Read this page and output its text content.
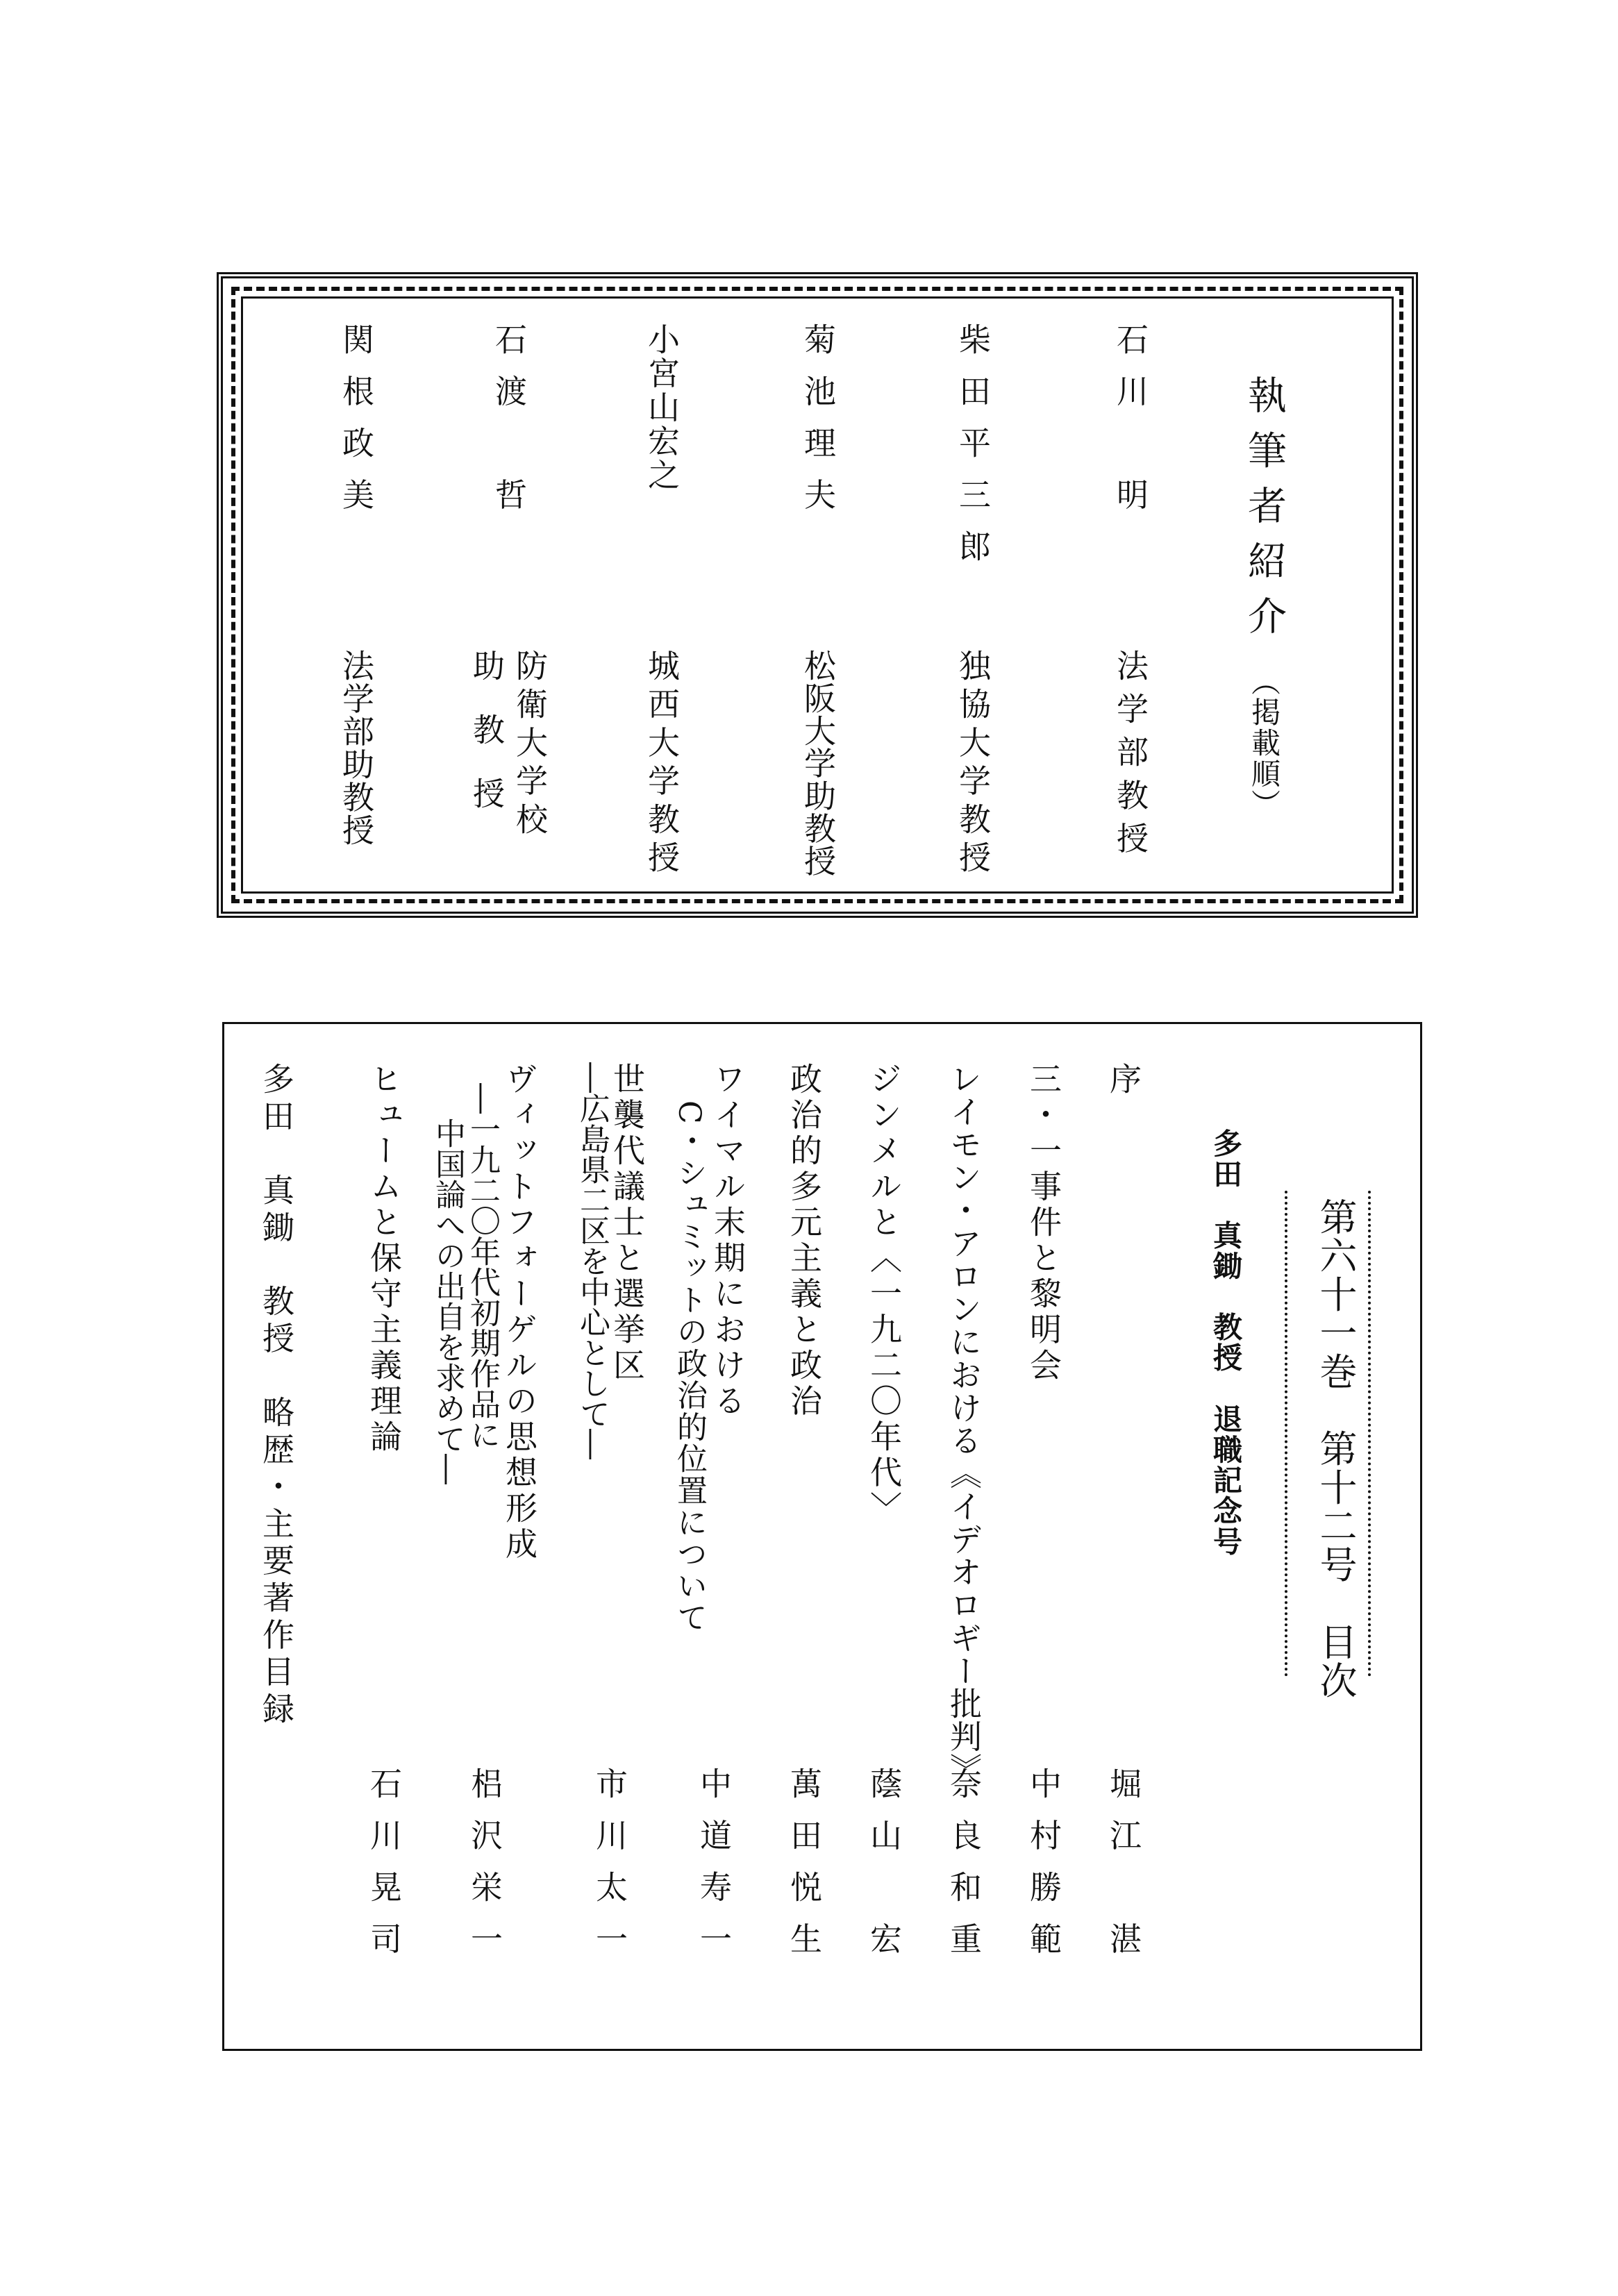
執筆者紹介
（掲載順）
石川　明
法学部教授
柴田平三郎
独協大学教授
菊池理夫
松阪大学助教授
小宮山宏之
城西大学教授
石渡　哲
防衛大学校
助　教　授
関根政美
法学部助教授
第六十一巻　第十二号　目次
多田　真鋤　教授　退職記念号
序
堀江　湛
三・一事件と黎明会
中村勝範
レイモン・アロンにおける《イデオロギー批判》
奈良和重
ジンメルと〈一九二〇年代〉
蔭山　宏
政治的多元主義と政治
萬田悦生
ワイマル末期における
C・シュミットの政治的位置について
中道寿一
世襲代議士と選挙区
―広島県二区を中心として―
市川太一
ヴィットフォーゲルの思想形成
―一九二〇年代初期作品に
中国論への出自を求めて―
梠沢栄一
ヒュームと保守主義理論
石川晃司
多田　真鋤　教授　略歴・主要著作目録
